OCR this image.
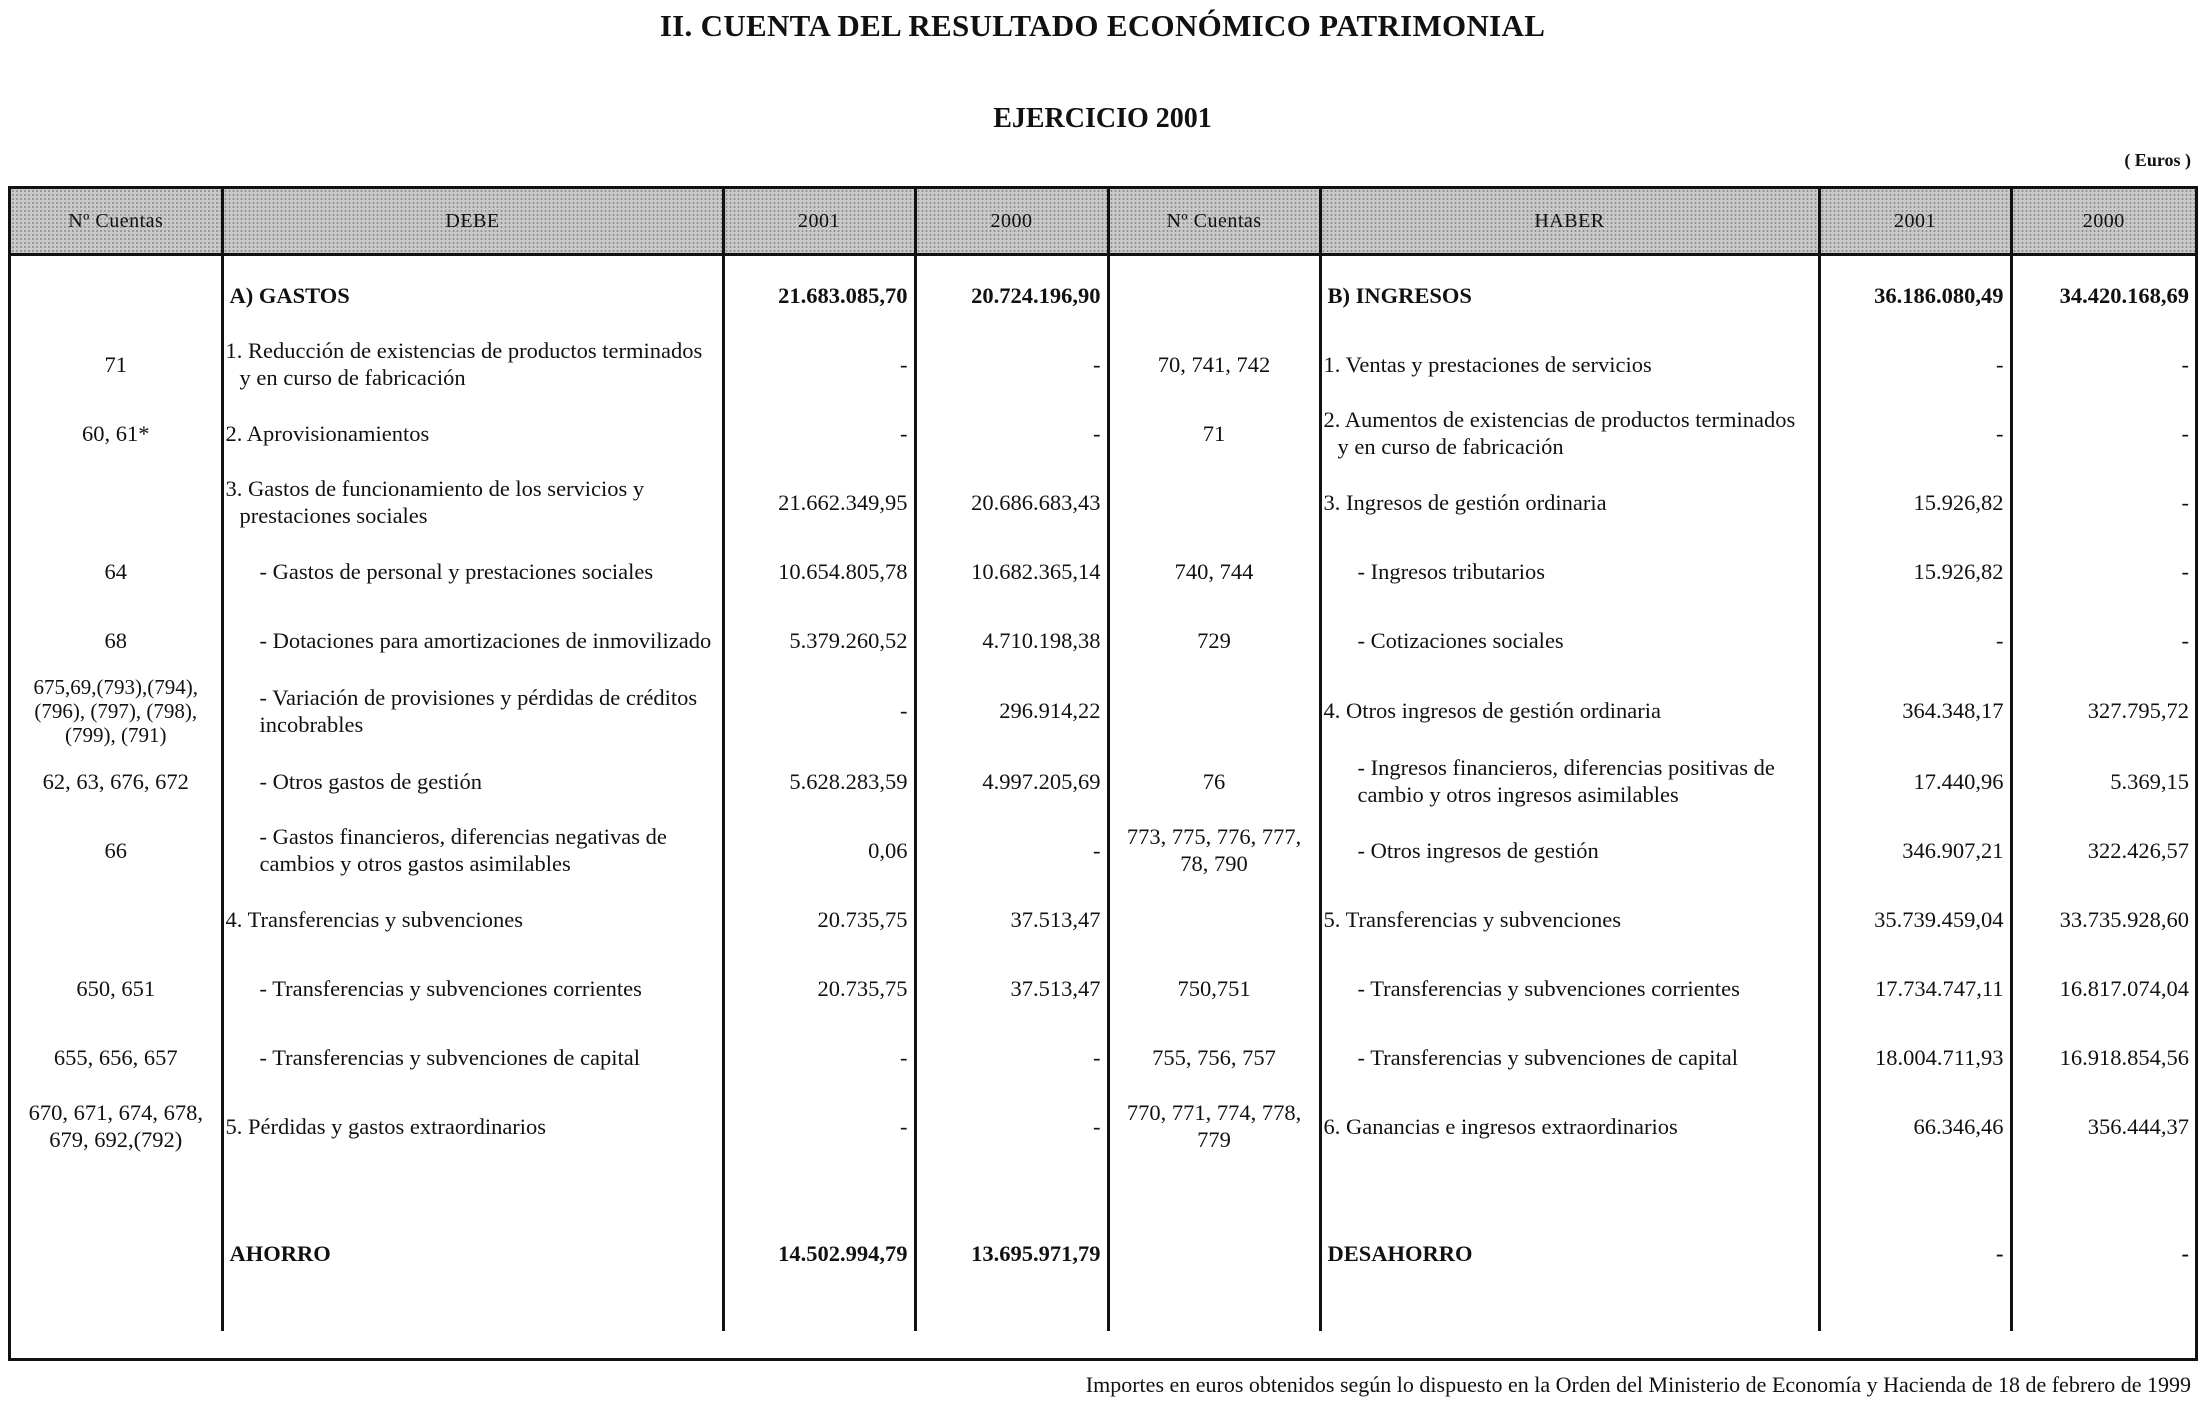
II. CUENTA DEL RESULTADO ECONÓMICO PATRIMONIAL
EJERCICIO 2001
( Euros )
Nº Cuentas	DEBE	2001	2000	Nº Cuentas	HABER	2001	2000

	A) GASTOS	21.683.085,70	20.724.196,90		B) INGRESOS	36.186.080,49	34.420.168,69
71	1. Reducción de existencias de productos terminados y en curso de fabricación	-	-	70, 741, 742	1. Ventas y prestaciones de servicios	-	-
60, 61*	2. Aprovisionamientos	-	-	71	2. Aumentos de existencias de productos terminados y en curso de fabricación	-	-
	3. Gastos de funcionamiento de los servicios y prestaciones sociales	21.662.349,95	20.686.683,43		3. Ingresos de gestión ordinaria	15.926,82	-
64	- Gastos de personal y prestaciones sociales	10.654.805,78	10.682.365,14	740, 744	- Ingresos tributarios	15.926,82	-
68	- Dotaciones para amortizaciones de inmovilizado	5.379.260,52	4.710.198,38	729	- Cotizaciones sociales	-	-
675,69,(793),(794), (796), (797), (798), (799), (791)	- Variación de provisiones y pérdidas de créditos incobrables	-	296.914,22		4. Otros ingresos de gestión ordinaria	364.348,17	327.795,72
62, 63, 676, 672	- Otros gastos de gestión	5.628.283,59	4.997.205,69	76	- Ingresos financieros, diferencias positivas de cambio y otros ingresos asimilables	17.440,96	5.369,15
66	- Gastos financieros, diferencias negativas de cambios y otros gastos asimilables	0,06	-	773, 775, 776, 777, 78, 790	- Otros ingresos de gestión	346.907,21	322.426,57
	4. Transferencias y subvenciones	20.735,75	37.513,47		5. Transferencias y subvenciones	35.739.459,04	33.735.928,60
650, 651	- Transferencias y subvenciones corrientes	20.735,75	37.513,47	750,751	- Transferencias y subvenciones corrientes	17.734.747,11	16.817.074,04
655, 656, 657	- Transferencias y subvenciones de capital	-	-	755, 756, 757	- Transferencias y subvenciones de capital	18.004.711,93	16.918.854,56
670, 671, 674, 678, 679, 692,(792)	5. Pérdidas y gastos extraordinarios	-	-	770, 771, 774, 778, 779	6. Ganancias e ingresos extraordinarios	66.346,46	356.444,37
	AHORRO	14.502.994,79	13.695.971,79		DESAHORRO	-	-

Importes en euros obtenidos según lo dispuesto en la Orden del Ministerio de Economía y Hacienda de 18 de febrero de 1999
